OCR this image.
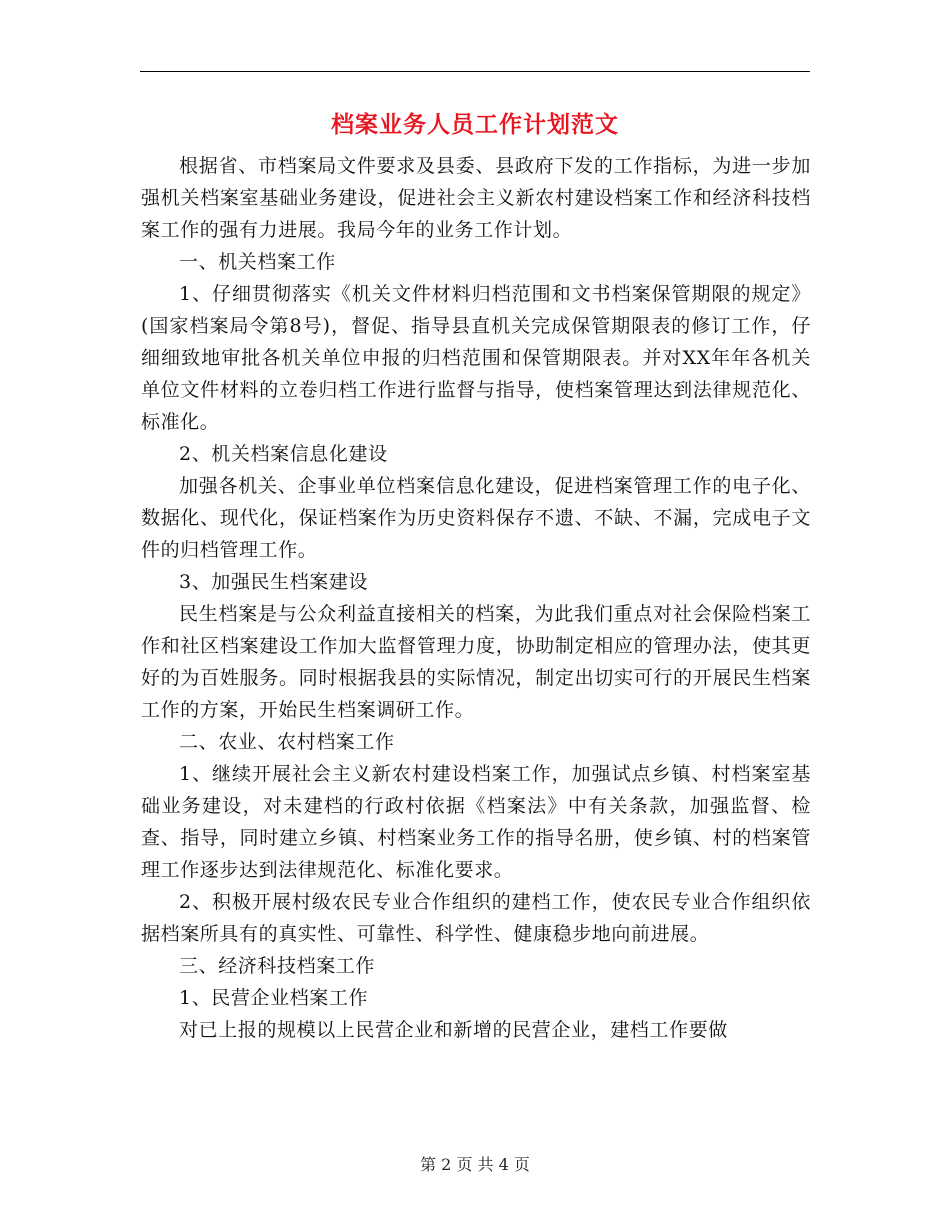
档案业务人员工作计划范文

根据省、市档案局文件要求及县委、县政府下发的工作指标，为进一步加强机关档案室基础业务建设，促进社会主义新农村建设档案工作和经济科技档案工作的强有力进展。我局今年的业务工作计划。

一、机关档案工作

1、仔细贯彻落实《机关文件材料归档范围和文书档案保管期限的规定》(国家档案局令第8号)，督促、指导县直机关完成保管期限表的修订工作，仔细细致地审批各机关单位申报的归档范围和保管期限表。并对XX年年各机关单位文件材料的立卷归档工作进行监督与指导，使档案管理达到法律规范化、标准化。

2、机关档案信息化建设

加强各机关、企事业单位档案信息化建设，促进档案管理工作的电子化、数据化、现代化，保证档案作为历史资料保存不遗、不缺、不漏，完成电子文件的归档管理工作。

3、加强民生档案建设

民生档案是与公众利益直接相关的档案，为此我们重点对社会保险档案工作和社区档案建设工作加大监督管理力度，协助制定相应的管理办法，使其更好的为百姓服务。同时根据我县的实际情况，制定出切实可行的开展民生档案工作的方案，开始民生档案调研工作。

二、农业、农村档案工作

1、继续开展社会主义新农村建设档案工作，加强试点乡镇、村档案室基础业务建设，对未建档的行政村依据《档案法》中有关条款，加强监督、检查、指导，同时建立乡镇、村档案业务工作的指导名册，使乡镇、村的档案管理工作逐步达到法律规范化、标准化要求。

2、积极开展村级农民专业合作组织的建档工作，使农民专业合作组织依据档案所具有的真实性、可靠性、科学性、健康稳步地向前进展。

三、经济科技档案工作

1、民营企业档案工作

对已上报的规模以上民营企业和新增的民营企业，建档工作要做

第 2 页 共 4 页
